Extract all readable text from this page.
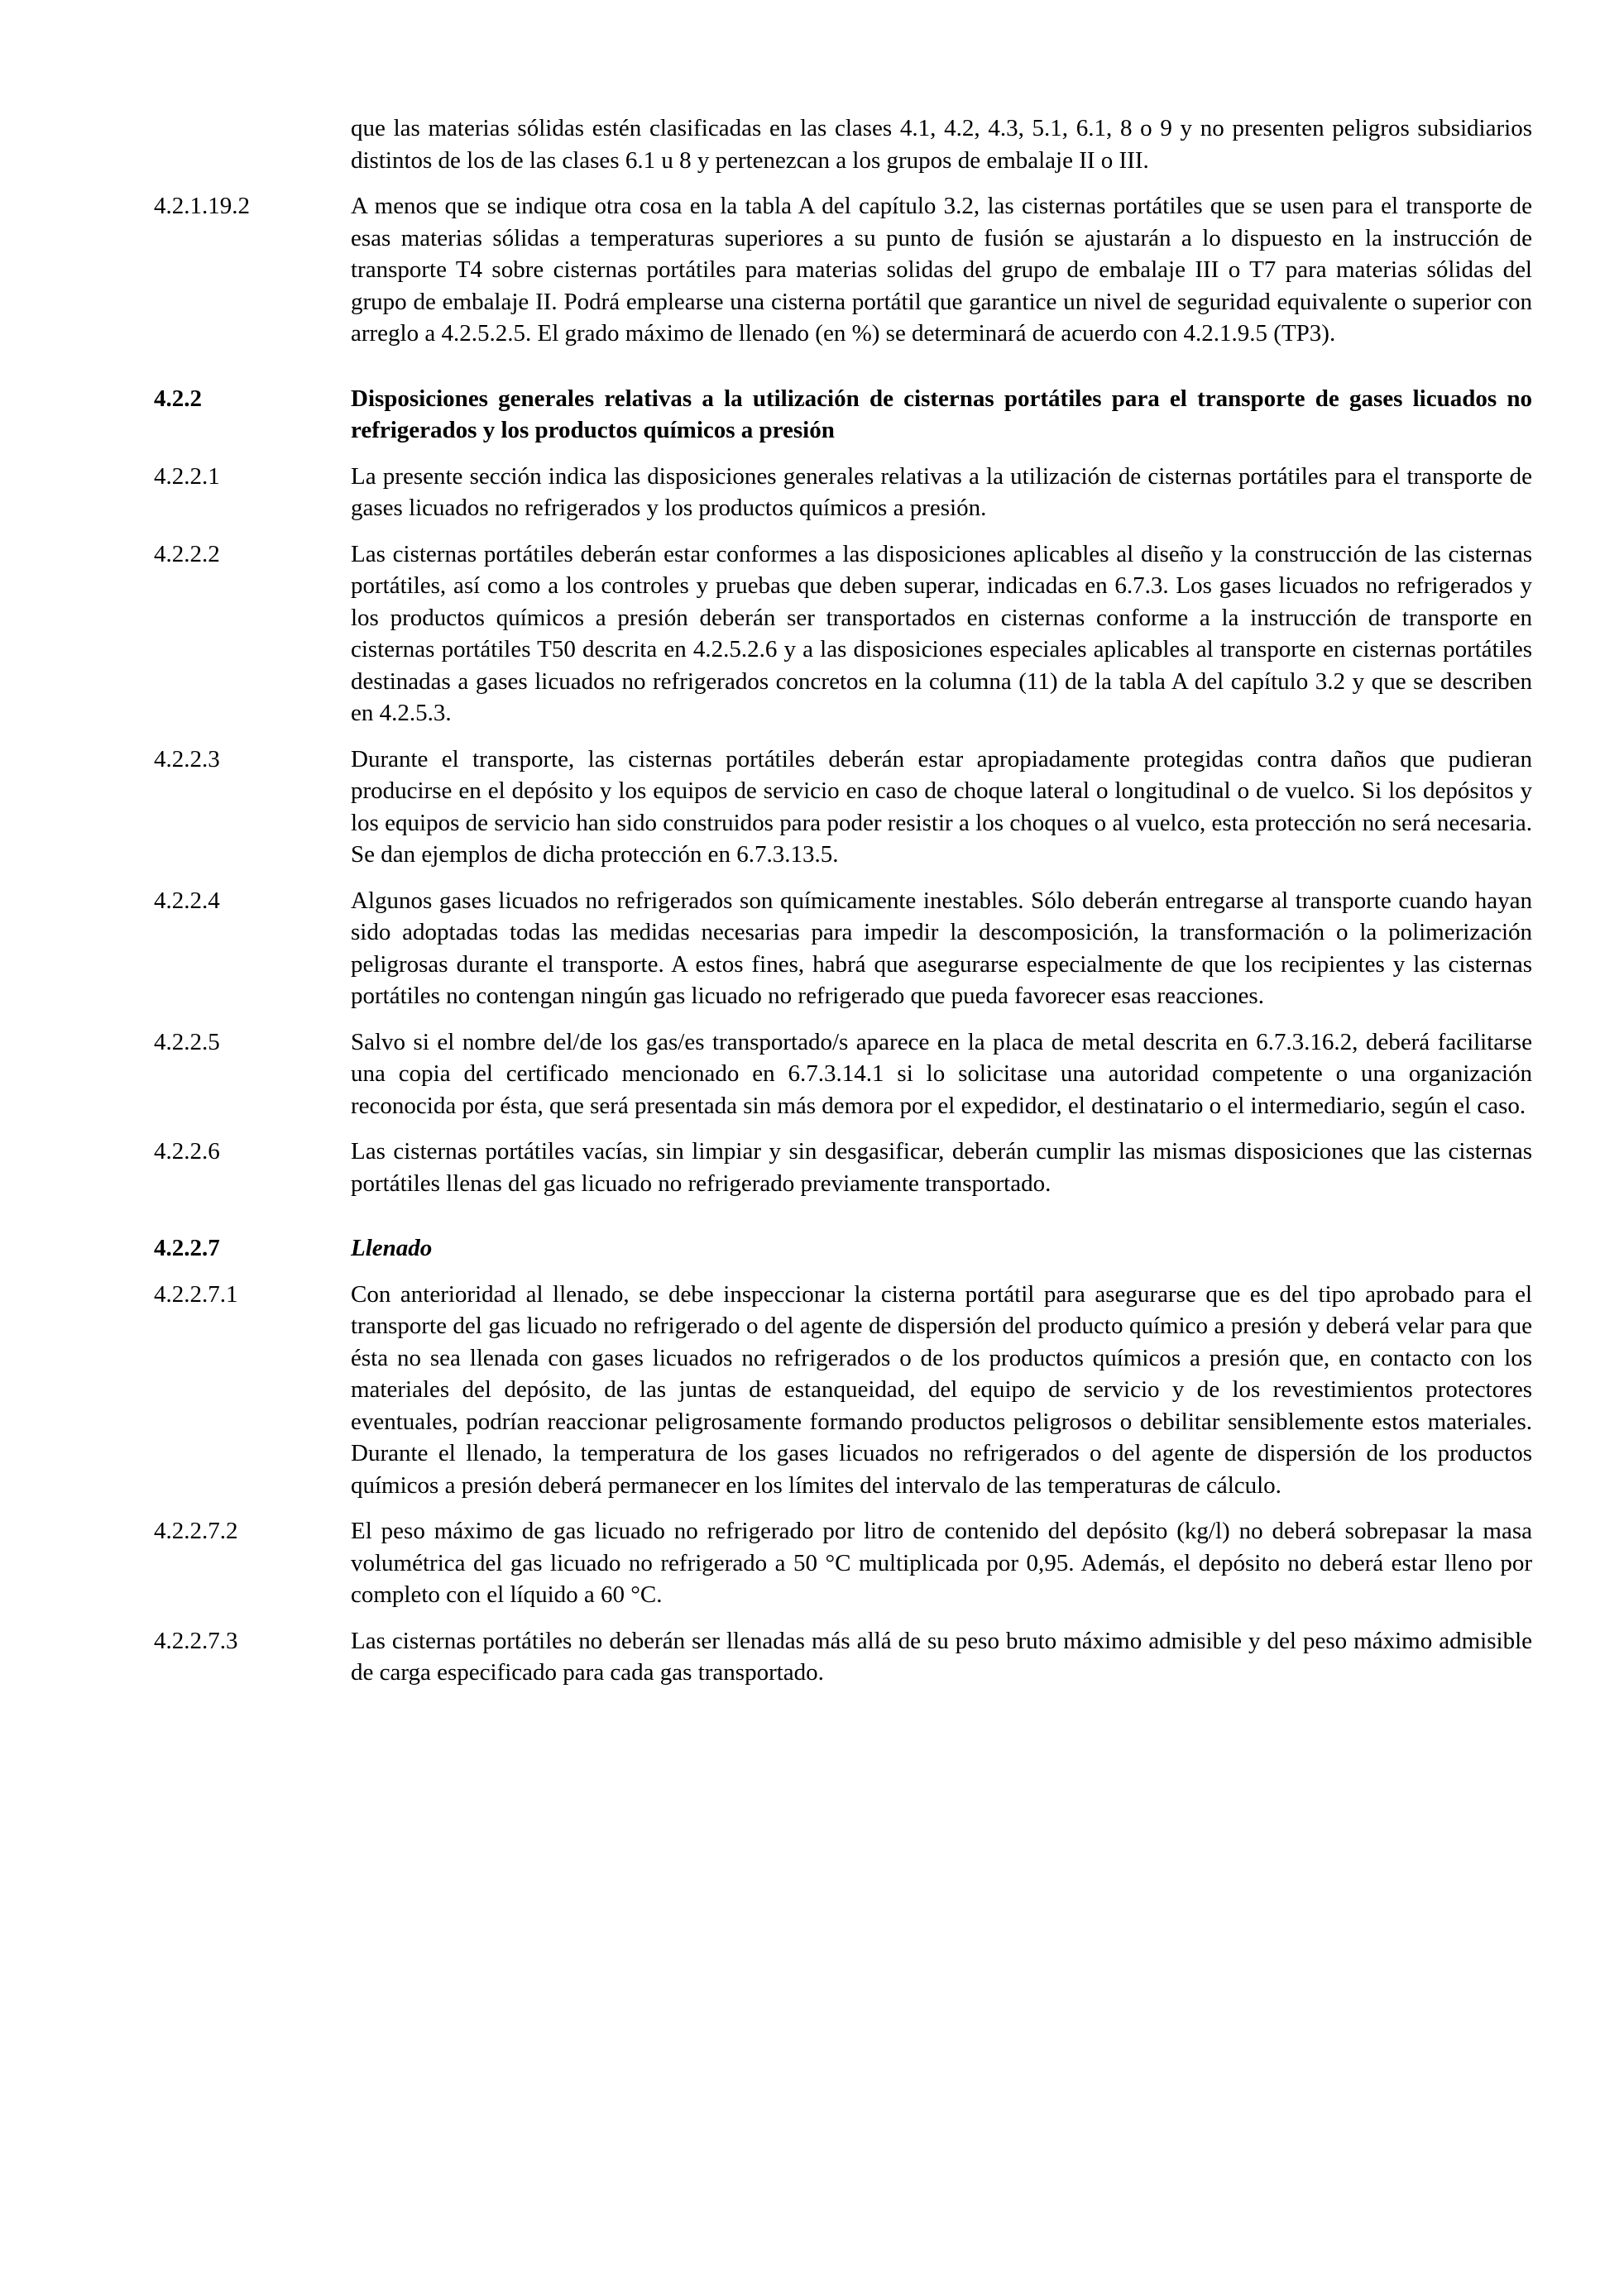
que las materias sólidas estén clasificadas en las clases 4.1, 4.2, 4.3, 5.1, 6.1, 8 o 9 y no presenten peligros subsidiarios distintos de los de las clases 6.1 u 8 y pertenezcan a los grupos de embalaje II o III.
4.2.1.19.2	A menos que se indique otra cosa en la tabla A del capítulo 3.2, las cisternas portátiles que se usen para el transporte de esas materias sólidas a temperaturas superiores a su punto de fusión se ajustarán a lo dispuesto en la instrucción de transporte T4 sobre cisternas portátiles para materias solidas del grupo de embalaje III o T7 para materias sólidas del grupo de embalaje II. Podrá emplearse una cisterna portátil que garantice un nivel de seguridad equivalente o superior con arreglo a 4.2.5.2.5. El grado máximo de llenado (en %) se determinará de acuerdo con 4.2.1.9.5 (TP3).
4.2.2	Disposiciones generales relativas a la utilización de cisternas portátiles para el transporte de gases licuados no refrigerados y los productos químicos a presión
4.2.2.1	La presente sección indica las disposiciones generales relativas a la utilización de cisternas portátiles para el transporte de gases licuados no refrigerados y los productos químicos a presión.
4.2.2.2	Las cisternas portátiles deberán estar conformes a las disposiciones aplicables al diseño y la construcción de las cisternas portátiles, así como a los controles y pruebas que deben superar, indicadas en 6.7.3. Los gases licuados no refrigerados y los productos químicos a presión deberán ser transportados en cisternas conforme a la instrucción de transporte en cisternas portátiles T50 descrita en 4.2.5.2.6 y a las disposiciones especiales aplicables al transporte en cisternas portátiles destinadas a gases licuados no refrigerados concretos en la columna (11) de la tabla A del capítulo 3.2 y que se describen en 4.2.5.3.
4.2.2.3	Durante el transporte, las cisternas portátiles deberán estar apropiadamente protegidas contra daños que pudieran producirse en el depósito y los equipos de servicio en caso de choque lateral o longitudinal o de vuelco. Si los depósitos y los equipos de servicio han sido construidos para poder resistir a los choques o al vuelco, esta protección no será necesaria. Se dan ejemplos de dicha protección en 6.7.3.13.5.
4.2.2.4	Algunos gases licuados no refrigerados son químicamente inestables. Sólo deberán entregarse al transporte cuando hayan sido adoptadas todas las medidas necesarias para impedir la descomposición, la transformación o la polimerización peligrosas durante el transporte. A estos fines, habrá que asegurarse especialmente de que los recipientes y las cisternas portátiles no contengan ningún gas licuado no refrigerado que pueda favorecer esas reacciones.
4.2.2.5	Salvo si el nombre del/de los gas/es transportado/s aparece en la placa de metal descrita en 6.7.3.16.2, deberá facilitarse una copia del certificado mencionado en 6.7.3.14.1 si lo solicitase una autoridad competente o una organización reconocida por ésta, que será presentada sin más demora por el expedidor, el destinatario o el intermediario, según el caso.
4.2.2.6	Las cisternas portátiles vacías, sin limpiar y sin desgasificar, deberán cumplir las mismas disposiciones que las cisternas portátiles llenas del gas licuado no refrigerado previamente transportado.
4.2.2.7	Llenado
4.2.2.7.1	Con anterioridad al llenado, se debe inspeccionar la cisterna portátil para asegurarse que es del tipo aprobado para el transporte del gas licuado no refrigerado o del agente de dispersión del producto químico a presión y deberá velar para que ésta no sea llenada con gases licuados no refrigerados o de los productos químicos a presión que, en contacto con los materiales del depósito, de las juntas de estanqueidad, del equipo de servicio y de los revestimientos protectores eventuales, podrían reaccionar peligrosamente formando productos peligrosos o debilitar sensiblemente estos materiales. Durante el llenado, la temperatura de los gases licuados no refrigerados o del agente de dispersión de los productos químicos a presión deberá permanecer en los límites del intervalo de las temperaturas de cálculo.
4.2.2.7.2	El peso máximo de gas licuado no refrigerado por litro de contenido del depósito (kg/l) no deberá sobrepasar la masa volumétrica del gas licuado no refrigerado a 50 °C multiplicada por 0,95. Además, el depósito no deberá estar lleno por completo con el líquido a 60 °C.
4.2.2.7.3	Las cisternas portátiles no deberán ser llenadas más allá de su peso bruto máximo admisible y del peso máximo admisible de carga especificado para cada gas transportado.
